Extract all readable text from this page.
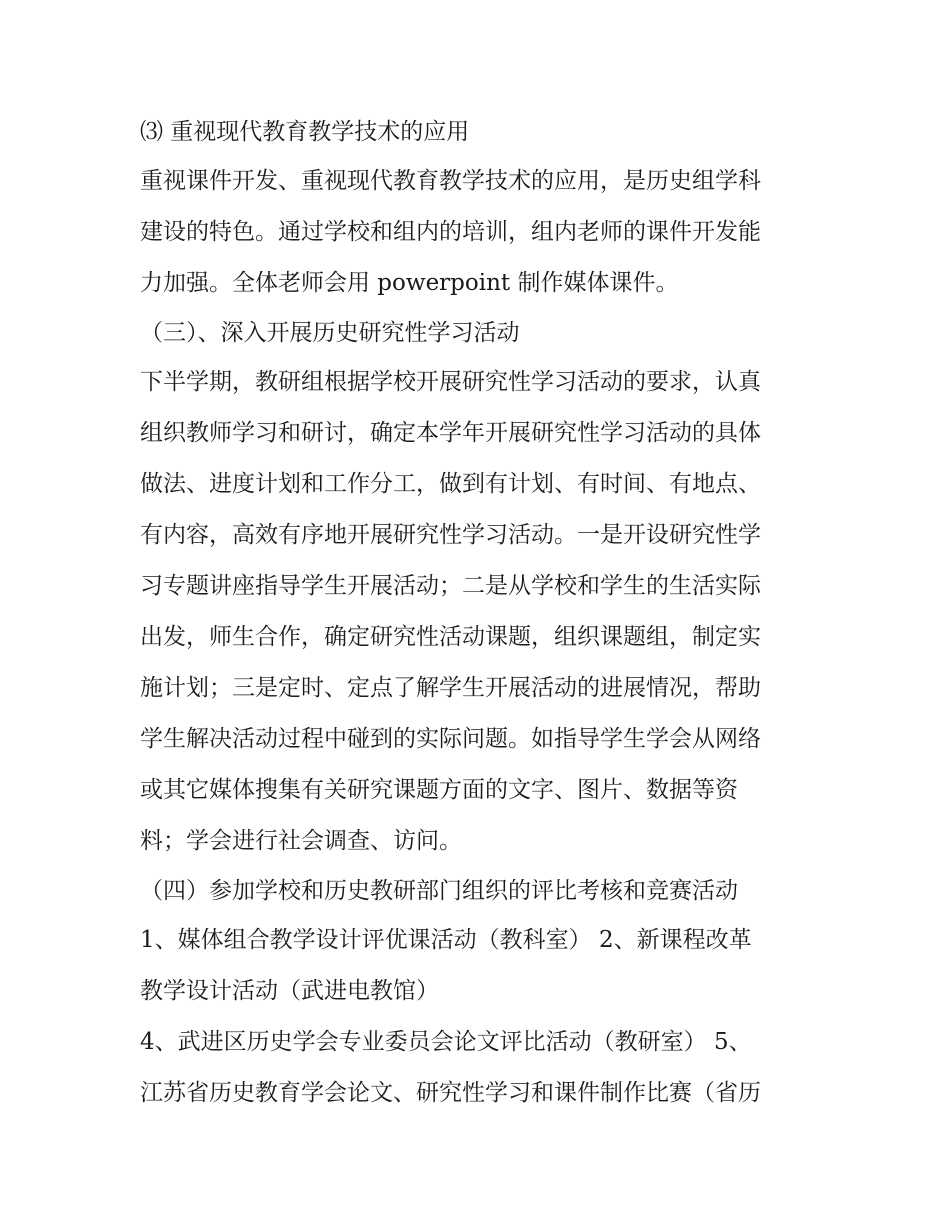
⑶ 重视现代教育教学技术的应用
重视课件开发、重视现代教育教学技术的应用，是历史组学科
建设的特色。通过学校和组内的培训，组内老师的课件开发能
力加强。全体老师会用 powerpoint 制作媒体课件。
（三）、深入开展历史研究性学习活动
下半学期，教研组根据学校开展研究性学习活动的要求，认真
组织教师学习和研讨，确定本学年开展研究性学习活动的具体
做法、进度计划和工作分工，做到有计划、有时间、有地点、
有内容，高效有序地开展研究性学习活动。一是开设研究性学
习专题讲座指导学生开展活动；二是从学校和学生的生活实际
出发，师生合作，确定研究性活动课题，组织课题组，制定实
施计划；三是定时、定点了解学生开展活动的进展情况，帮助
学生解决活动过程中碰到的实际问题。如指导学生学会从网络
或其它媒体搜集有关研究课题方面的文字、图片、数据等资
料；学会进行社会调查、访问。
（四）参加学校和历史教研部门组织的评比考核和竞赛活动
1、媒体组合教学设计评优课活动（教科室） 2、新课程改革
教学设计活动（武进电教馆）
4、武进区历史学会专业委员会论文评比活动（教研室） 5、
江苏省历史教育学会论文、研究性学习和课件制作比赛（省历
